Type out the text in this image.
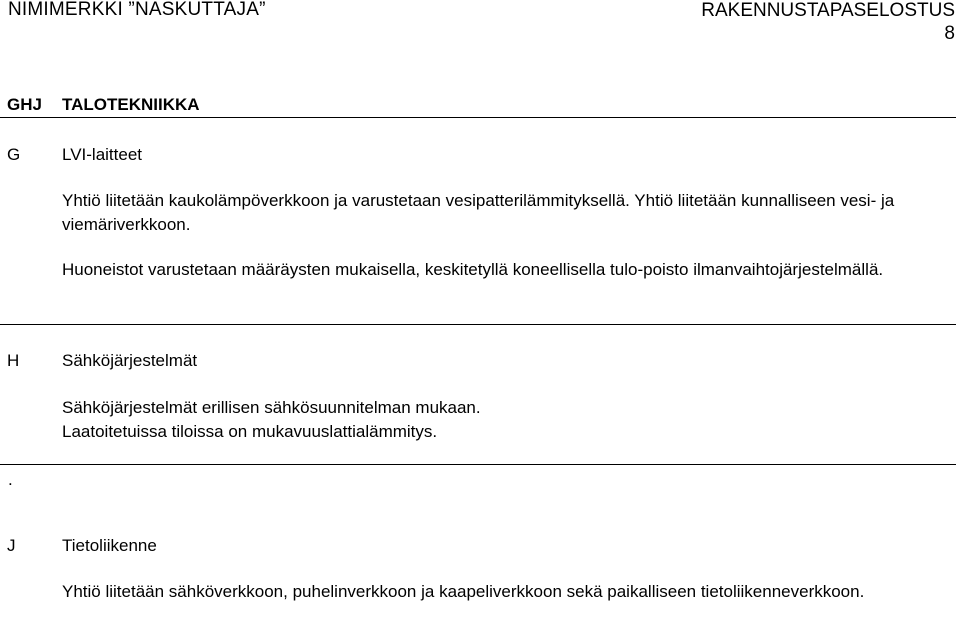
NIMIMERKKI ”NASKUTTAJA”	RAKENNUSTAPASELOSTUS
8
GHJ TALOTEKNIIKKA
G LVI-laitteet
Yhtiö liitetään kaukolämpöverkkoon ja varustetaan vesipatterilämmityksellä. Yhtiö liitetään kunnalliseen vesi- ja viemäriverkkoon.
Huoneistot varustetaan määräysten mukaisella, keskitetyllä koneellisella tulo-poisto ilmanvaihtojärjestelmällä.
H	Sähköjärjestelmät
Sähköjärjestelmät erillisen sähkösuunnitelman mukaan.
Laatoitetuissa tiloissa on mukavuuslattialämmitys.
.
J	Tietoliikenne
Yhtiö liitetään sähköverkkoon, puhelinverkkoon ja kaapeliverkkoon sekä paikalliseen tietoliikenneverkkoon.
